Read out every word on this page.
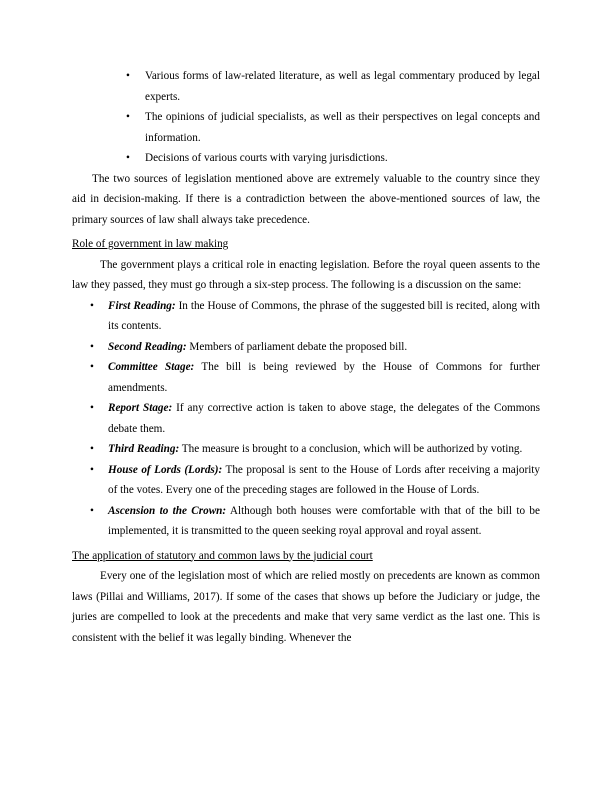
• Various forms of law-related literature, as well as legal commentary produced by legal experts.
• The opinions of judicial specialists, as well as their perspectives on legal concepts and information.
• Decisions of various courts with varying jurisdictions.

The two sources of legislation mentioned above are extremely valuable to the country since they aid in decision-making. If there is a contradiction between the above-mentioned sources of law, the primary sources of law shall always take precedence.

Role of government in law making

The government plays a critical role in enacting legislation. Before the royal queen assents to the law they passed, they must go through a six-step process. The following is a discussion on the same:

• First Reading: In the House of Commons, the phrase of the suggested bill is recited, along with its contents.
• Second Reading: Members of parliament debate the proposed bill.
• Committee Stage: The bill is being reviewed by the House of Commons for further amendments.
• Report Stage: If any corrective action is taken to above stage, the delegates of the Commons debate them.
• Third Reading: The measure is brought to a conclusion, which will be authorized by voting.
• House of Lords (Lords): The proposal is sent to the House of Lords after receiving a majority of the votes. Every one of the preceding stages are followed in the House of Lords.
• Ascension to the Crown: Although both houses were comfortable with that of the bill to be implemented, it is transmitted to the queen seeking royal approval and royal assent.
The application of statutory and common laws by the judicial court

Every one of the legislation most of which are relied mostly on precedents are known as common laws (Pillai and Williams, 2017). If some of the cases that shows up before the Judiciary or judge, the juries are compelled to look at the precedents and make that very same verdict as the last one. This is consistent with the belief it was legally binding. Whenever the
